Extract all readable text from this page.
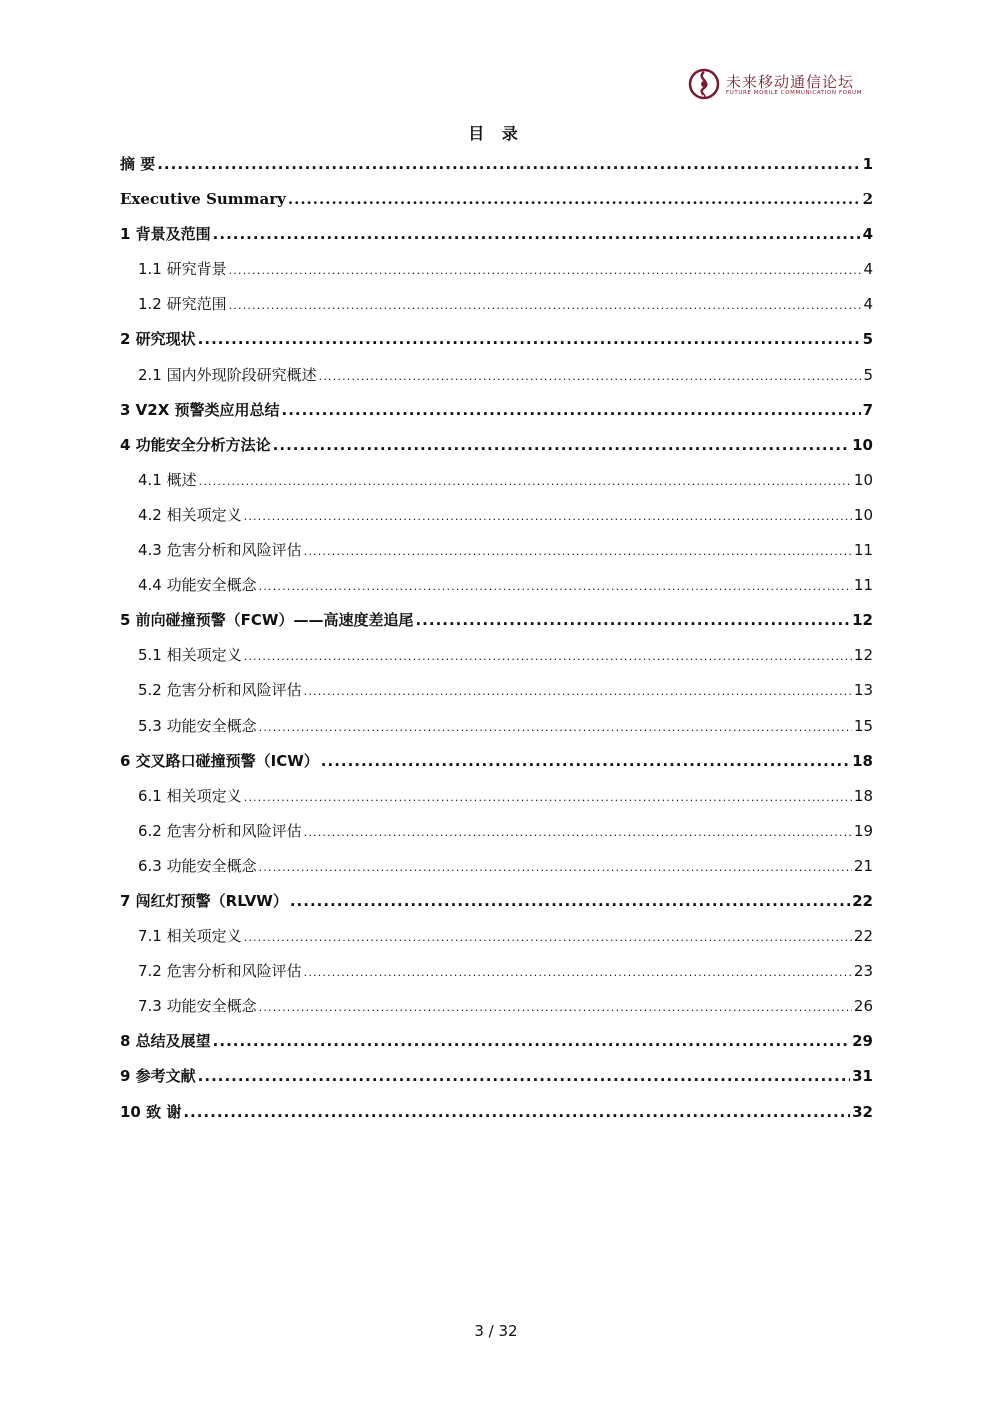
未来移动通信论坛
FUTURE MOBILE COMMUNICATION FORUM
目 录
摘 要 .....	1
Executive Summary .....	2
1 背景及范围 .....	4
1.1 研究背景 .....	4
1.2 研究范围 .....	4
2 研究现状 .....	5
2.1 国内外现阶段研究概述 .....	5
3 V2X 预警类应用总结 .....	7
4 功能安全分析方法论 .....	10
4.1 概述 .....	10
4.2 相关项定义 .....	10
4.3 危害分析和风险评估 .....	11
4.4 功能安全概念 .....	11
5 前向碰撞预警（FCW）——高速度差追尾 .....	12
5.1 相关项定义 .....	12
5.2 危害分析和风险评估 .....	13
5.3 功能安全概念 .....	15
6 交叉路口碰撞预警（ICW） .....	18
6.1 相关项定义 .....	18
6.2 危害分析和风险评估 .....	19
6.3 功能安全概念 .....	21
7 闯红灯预警（RLVW） .....	22
7.1 相关项定义 .....	22
7.2 危害分析和风险评估 .....	23
7.3 功能安全概念 .....	26
8 总结及展望 .....	29
9 参考文献 .....	31
10 致 谢 .....	32
3 / 32
